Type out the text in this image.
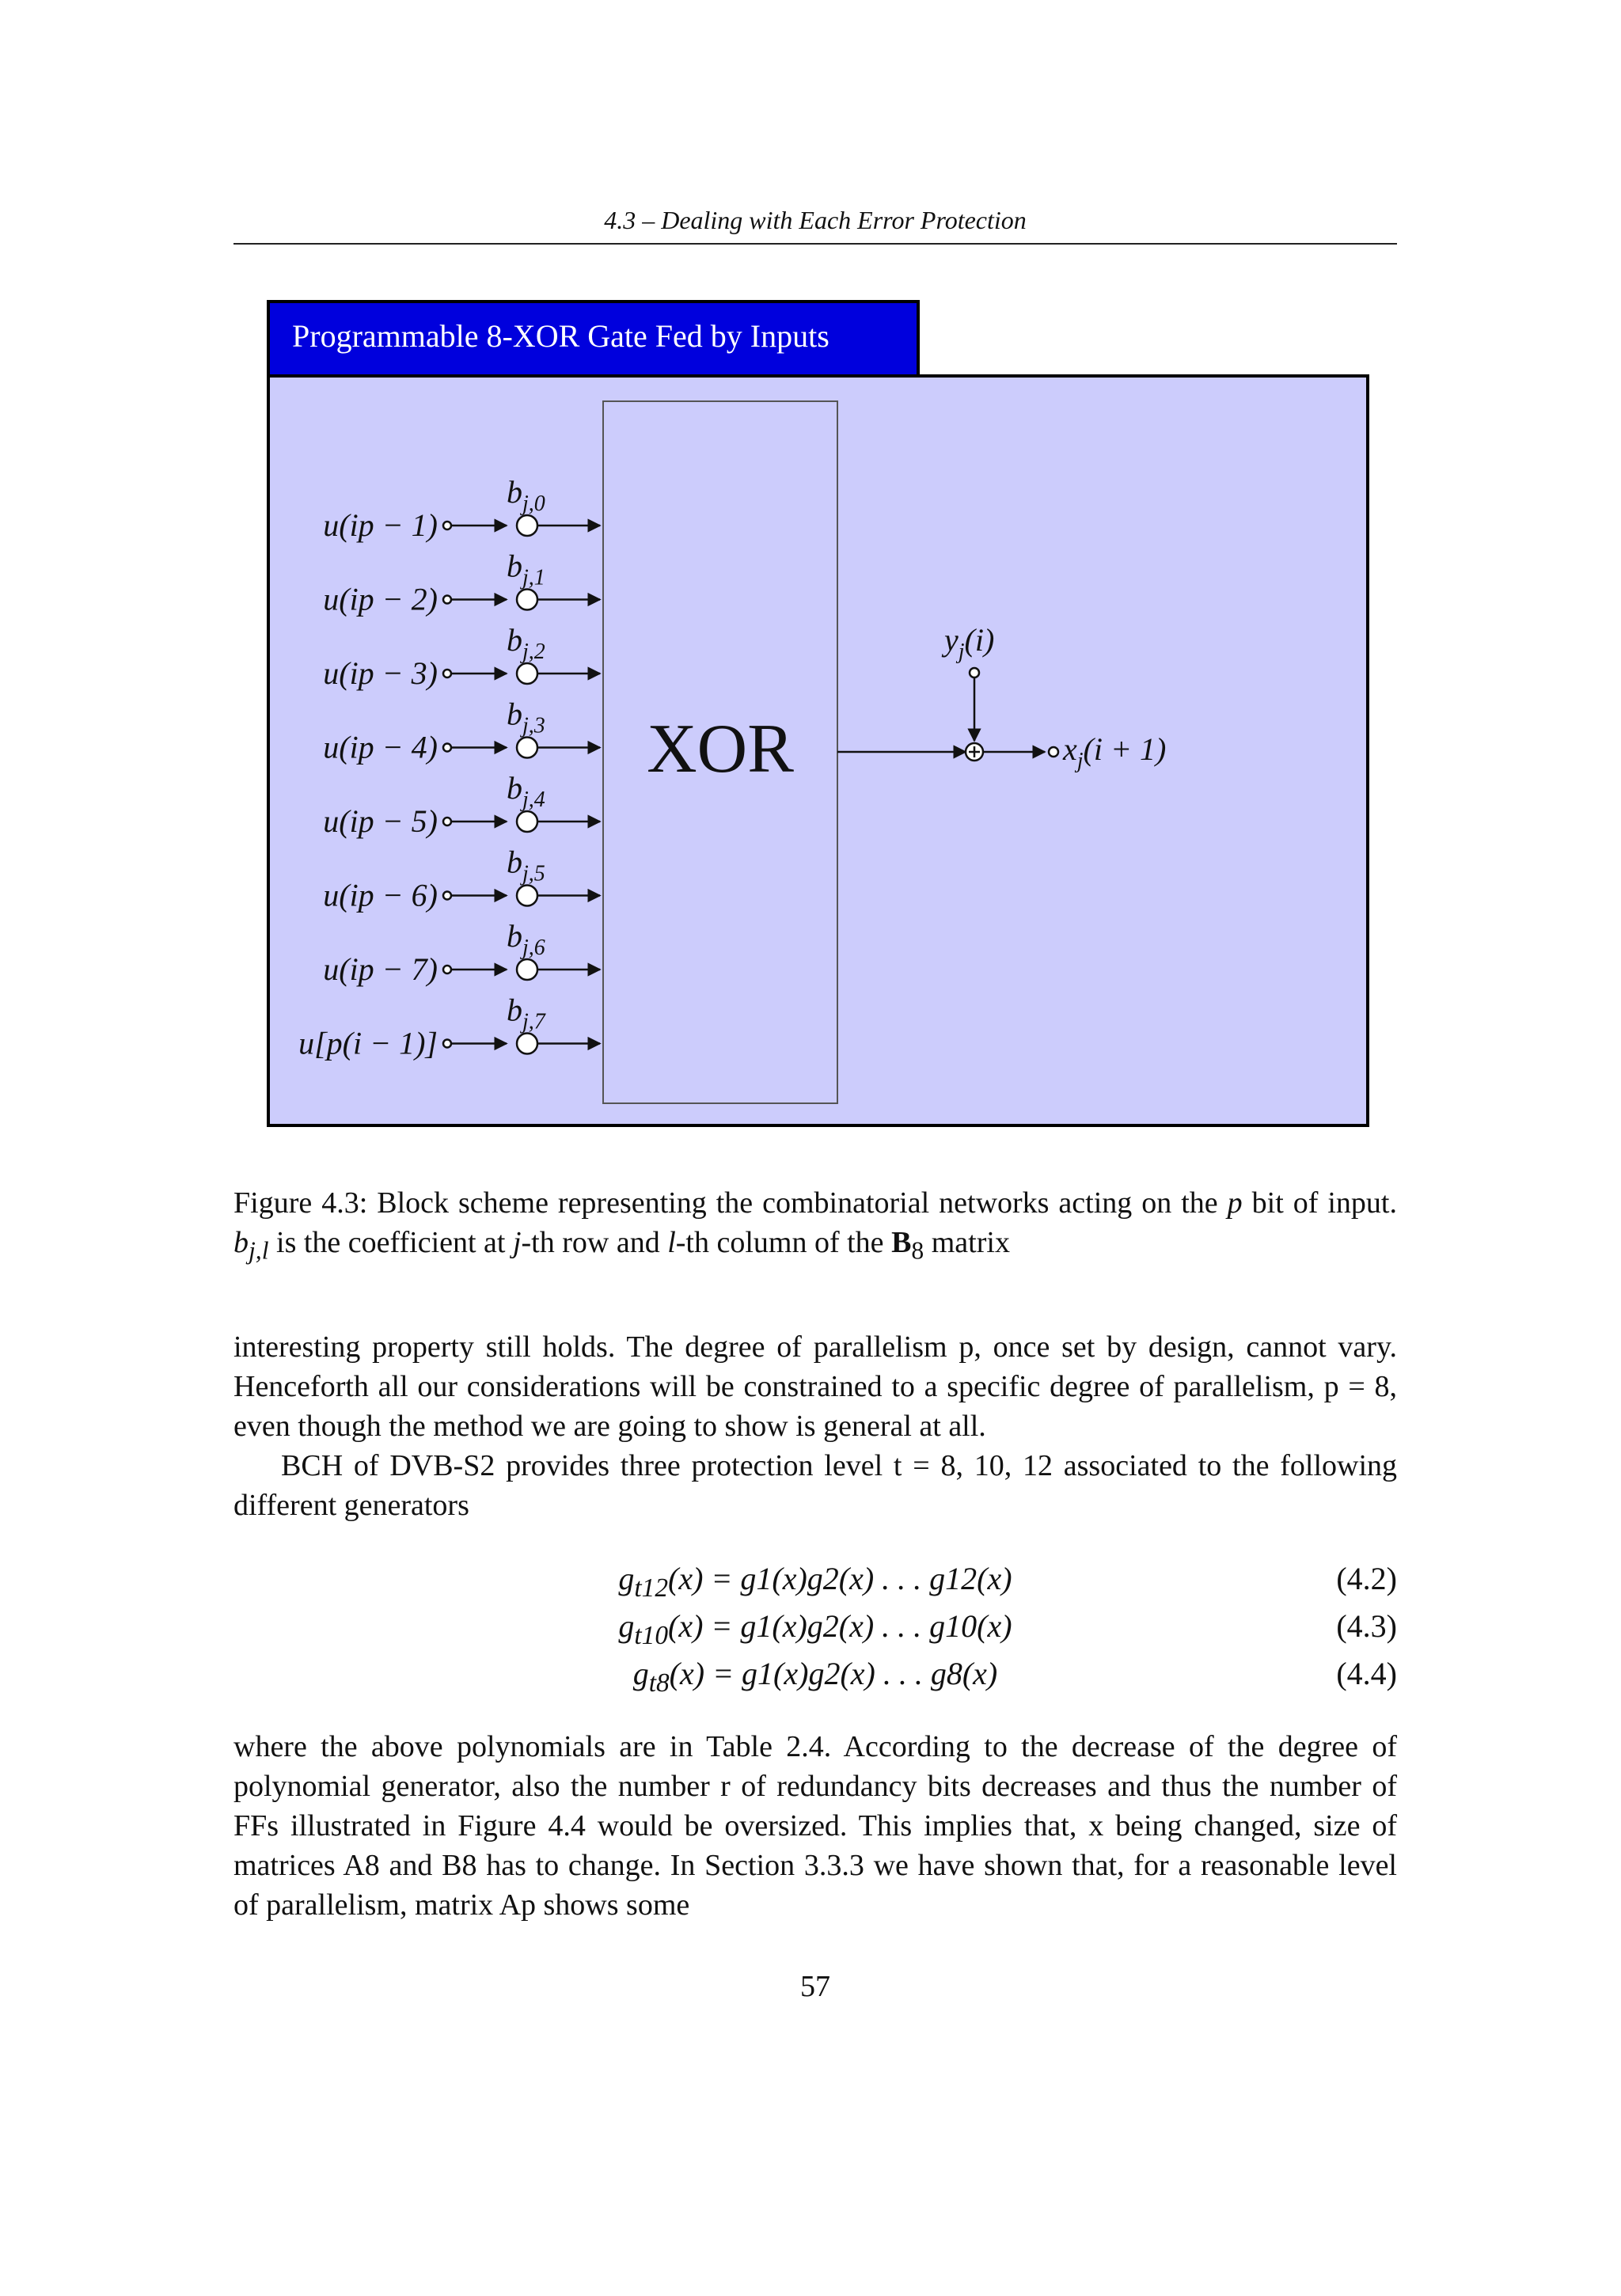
4.3 – Dealing with Each Error Protection
Programmable 8-XOR Gate Fed by Inputs
XOR
u(ip − 1)
$b_{j,0}$
u(ip − 2)
$b_{j,1}$
u(ip − 3)
$b_{j,2}$
u(ip − 4)
$b_{j,3}$
u(ip − 5)
$b_{j,4}$
u(ip − 6)
$b_{j,5}$
u(ip − 7)
$b_{j,6}$
u[p(i − 1)]
$b_{j,7}$
$y_j(i)$
$x_j(i + 1)$
Figure 4.3: Block scheme representing the combinatorial networks acting on the p bit of input. $b_{j,l}$ is the coefficient at j-th row and l-th column of the $B_8$ matrix
interesting property still holds. The degree of parallelism p, once set by design, cannot vary. Henceforth all our considerations will be constrained to a specific degree of parallelism, p = 8, even though the method we are going to show is general at all.
BCH of DVB-S2 provides three protection level t = 8, 10, 12 associated to the following different generators
$g_{t12}(x) = g1(x)g2(x)$ . . . g12(x)	(4.2)
$g_{t10}(x) = g1(x)g2(x)$ . . . g10(x)	(4.3)
$g_{t8}(x) = g1(x)g2(x)$ . . . g8(x)	(4.4)
where the above polynomials are in Table 2.4. According to the decrease of the degree of polynomial generator, also the number r of redundancy bits decreases and thus the number of FFs illustrated in Figure 4.4 would be oversized. This implies that, x being changed, size of matrices A8 and B8 has to change. In Section 3.3.3 we have shown that, for a reasonable level of parallelism, matrix Ap shows some
57
